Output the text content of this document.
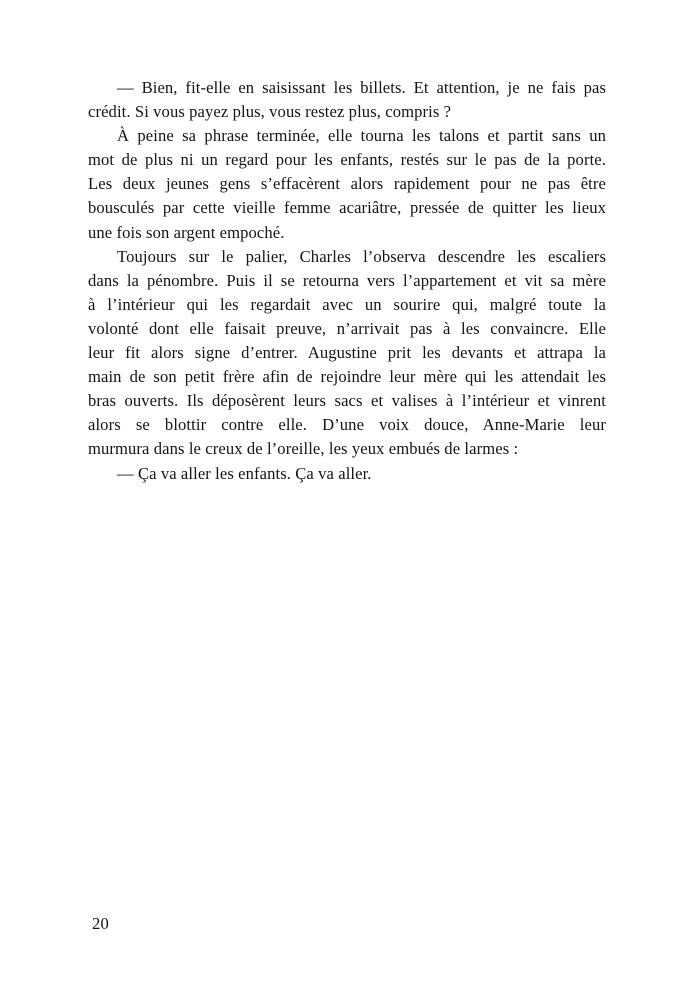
— Bien, fit-elle en saisissant les billets. Et attention, je ne fais pas
crédit. Si vous payez plus, vous restez plus, compris ?
À peine sa phrase terminée, elle tourna les talons et partit sans un
mot de plus ni un regard pour les enfants, restés sur le pas de la porte.
Les deux jeunes gens s’effacèrent alors rapidement pour ne pas être
bousculés par cette vieille femme acariâtre, pressée de quitter les lieux
une fois son argent empoché.
Toujours sur le palier, Charles l’observa descendre les escaliers
dans la pénombre. Puis il se retourna vers l’appartement et vit sa mère
à l’intérieur qui les regardait avec un sourire qui, malgré toute la
volonté dont elle faisait preuve, n’arrivait pas à les convaincre. Elle
leur fit alors signe d’entrer. Augustine prit les devants et attrapa la
main de son petit frère afin de rejoindre leur mère qui les attendait les
bras ouverts. Ils déposèrent leurs sacs et valises à l’intérieur et vinrent
alors se blottir contre elle. D’une voix douce, Anne-Marie leur
murmura dans le creux de l’oreille, les yeux embués de larmes :
— Ça va aller les enfants. Ça va aller.
20
